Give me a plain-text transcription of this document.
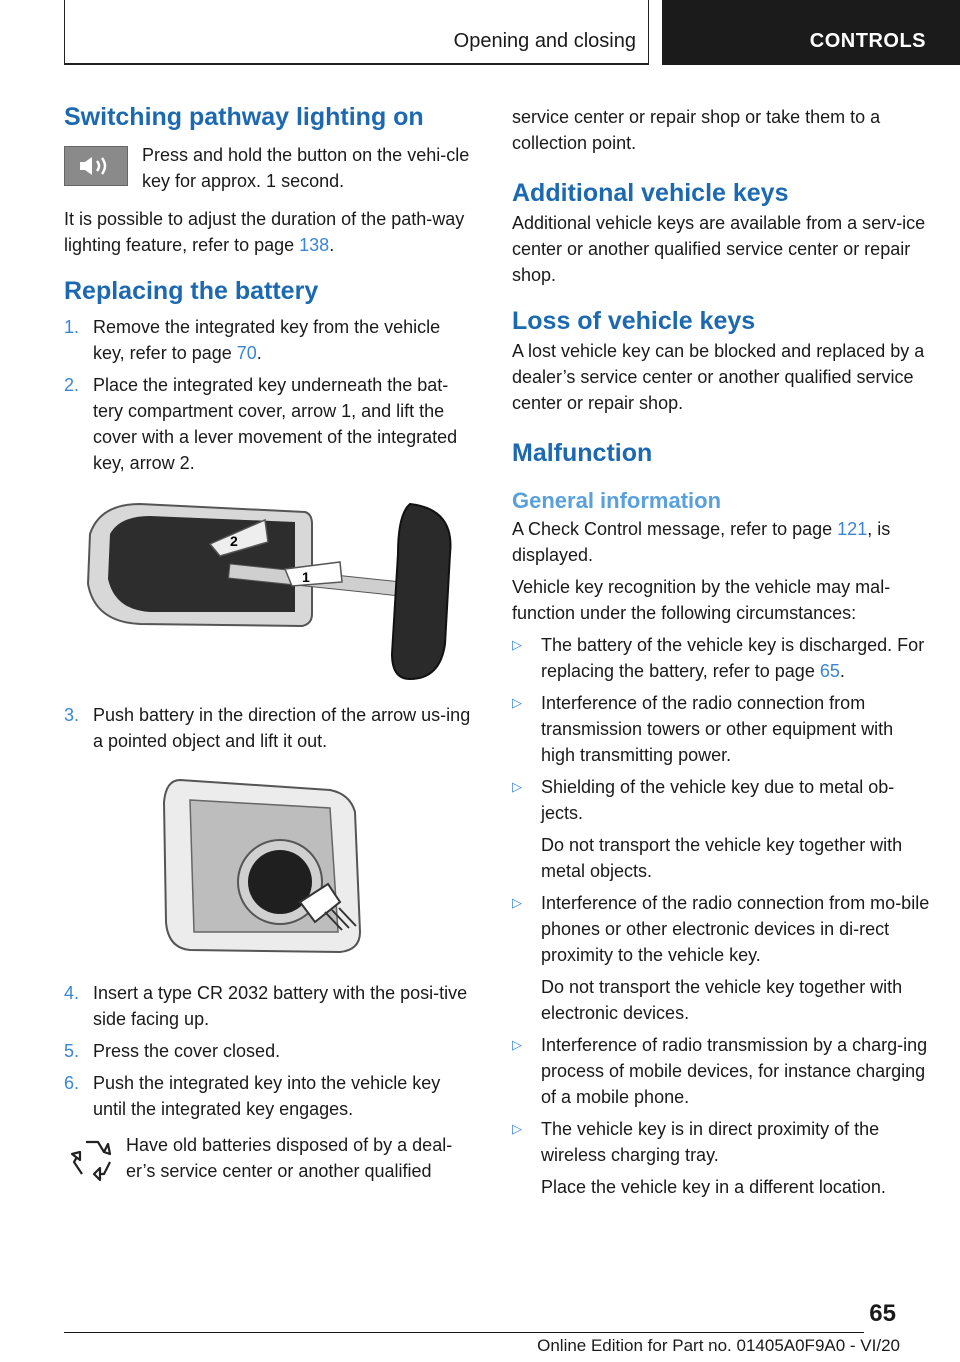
Opening and closing	CONTROLS
Switching pathway lighting on

Press and hold the button on the vehi-cle key for approx. 1 second.

It is possible to adjust the duration of the path-way lighting feature, refer to page 138.

Replacing the battery
1. Remove the integrated key from the vehicle key, refer to page 70.

2. Place the integrated key underneath the bat-tery compartment cover, arrow 1, and lift the cover with a lever movement of the integrated key, arrow 2.

2
1
3. Push battery in the direction of the arrow us-ing a pointed object and lift it out.

4. Insert a type CR 2032 battery with the posi-tive side facing up.

5. Press the cover closed.

6. Push the integrated key into the vehicle key until the integrated key engages.

Have old batteries disposed of by a deal-er’s service center or another qualified

service center or repair shop or take them to a collection point.

Additional vehicle keys

Additional vehicle keys are available from a serv-ice center or another qualified service center or repair shop.

Loss of vehicle keys

A lost vehicle key can be blocked and replaced by a dealer’s service center or another qualified service center or repair shop.

Malfunction
General information

A Check Control message, refer to page 121, is displayed.

Vehicle key recognition by the vehicle may mal-function under the following circumstances:

▷	The battery of the vehicle key is discharged. For replacing the battery, refer to page 65.

▷	Interference of the radio connection from transmission towers or other equipment with high transmitting power.

▷	Shielding of the vehicle key due to metal ob-jects.

Do not transport the vehicle key together with metal objects.

▷	Interference of the radio connection from mo-bile phones or other electronic devices in di-rect proximity to the vehicle key.

Do not transport the vehicle key together with electronic devices.

▷	Interference of radio transmission by a charg-ing process of mobile devices, for instance charging of a mobile phone.

▷	The vehicle key is in direct proximity of the wireless charging tray.

Place the vehicle key in a different location.

65
Online Edition for Part no. 01405A0F9A0 - VI/20
